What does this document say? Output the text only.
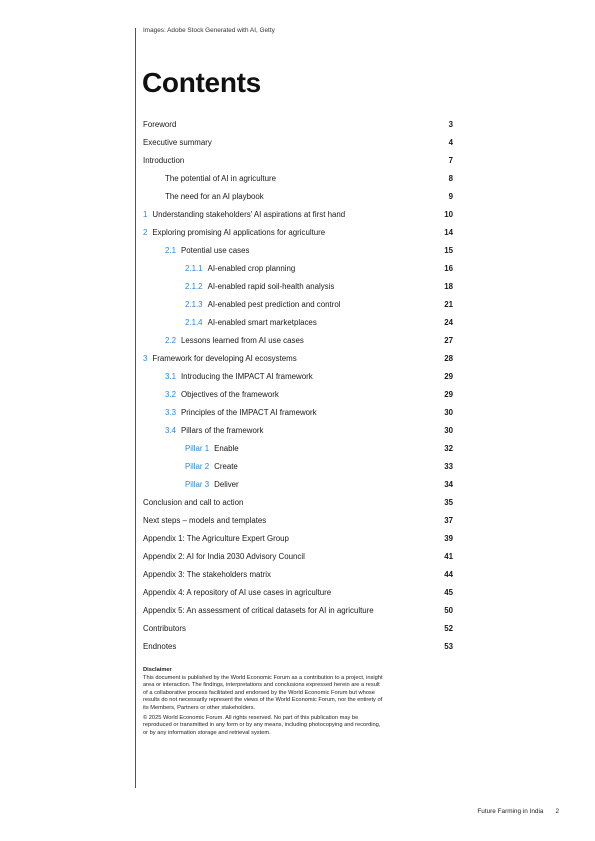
Images: Adobe Stock Generated with AI, Getty
Contents
Foreword	3
Executive summary	4
Introduction	7
The potential of AI in agriculture	8
The need for an AI playbook	9
1 Understanding stakeholders' AI aspirations at first hand	10
2 Exploring promising AI applications for agriculture	14
2.1 Potential use cases	15
2.1.1 AI-enabled crop planning	16
2.1.2 AI-enabled rapid soil-health analysis	18
2.1.3 AI-enabled pest prediction and control	21
2.1.4 AI-enabled smart marketplaces	24
2.2 Lessons learned from AI use cases	27
3 Framework for developing AI ecosystems	28
3.1 Introducing the IMPACT AI framework	29
3.2 Objectives of the framework	29
3.3 Principles of the IMPACT AI framework	30
3.4 Pillars of the framework	30
Pillar 1 Enable	32
Pillar 2 Create	33
Pillar 3 Deliver	34
Conclusion and call to action	35
Next steps – models and templates	37
Appendix 1: The Agriculture Expert Group	39
Appendix 2: AI for India 2030 Advisory Council	41
Appendix 3: The stakeholders matrix	44
Appendix 4: A repository of AI use cases in agriculture	45
Appendix 5: An assessment of critical datasets for AI in agriculture	50
Contributors	52
Endnotes	53

Disclaimer
This document is published by the World Economic Forum as a contribution to a project, insight area or interaction. The findings, interpretations and conclusions expressed herein are a result of a collaborative process facilitated and endorsed by the World Economic Forum but whose results do not necessarily represent the views of the World Economic Forum, nor the entirety of its Members, Partners or other stakeholders.

© 2025 World Economic Forum. All rights reserved. No part of this publication may be reproduced or transmitted in any form or by any means, including photocopying and recording, or by any information storage and retrieval system.

Future Farming in India 2
